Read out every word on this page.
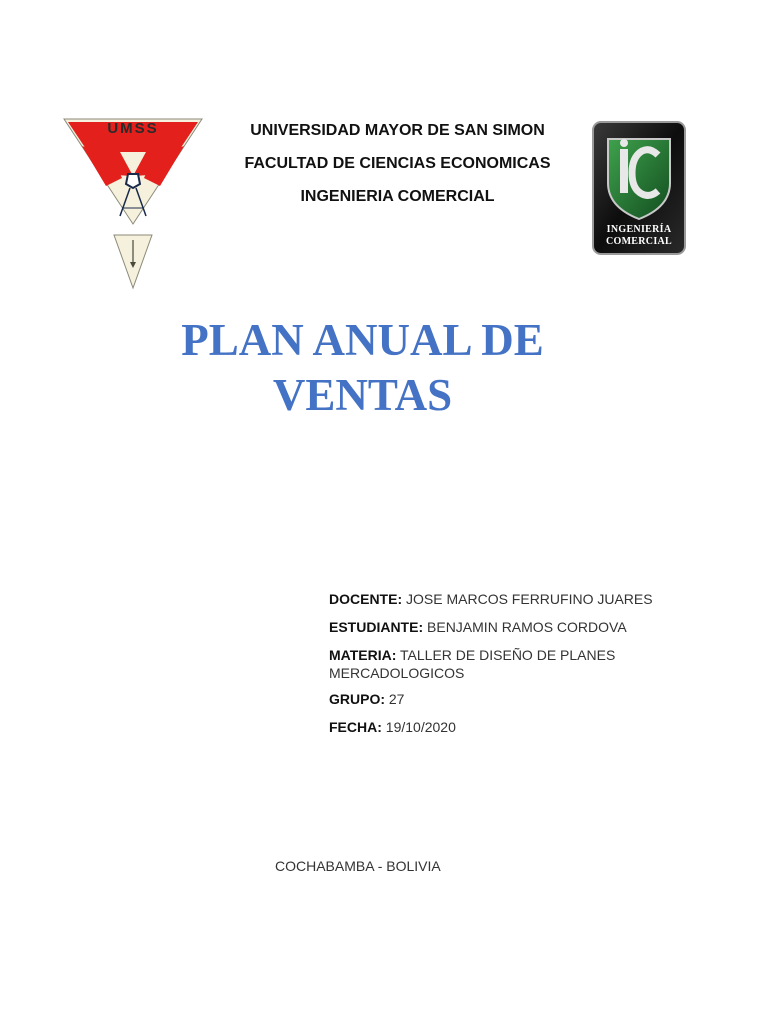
UMSS	UNIVERSIDAD MAYOR DE SAN SIMON
FACULTAD DE CIENCIAS ECONOMICAS
INGENIERIA COMERCIAL
INGENIERÍA
COMERCIAL
PLAN ANUAL DE
VENTAS
DOCENTE: JOSE MARCOS FERRUFINO JUARES
ESTUDIANTE: BENJAMIN RAMOS CORDOVA
MATERIA: TALLER DE DISEÑO DE PLANES MERCADOLOGICOS
GRUPO: 27
FECHA: 19/10/2020
COCHABAMBA - BOLIVIA
